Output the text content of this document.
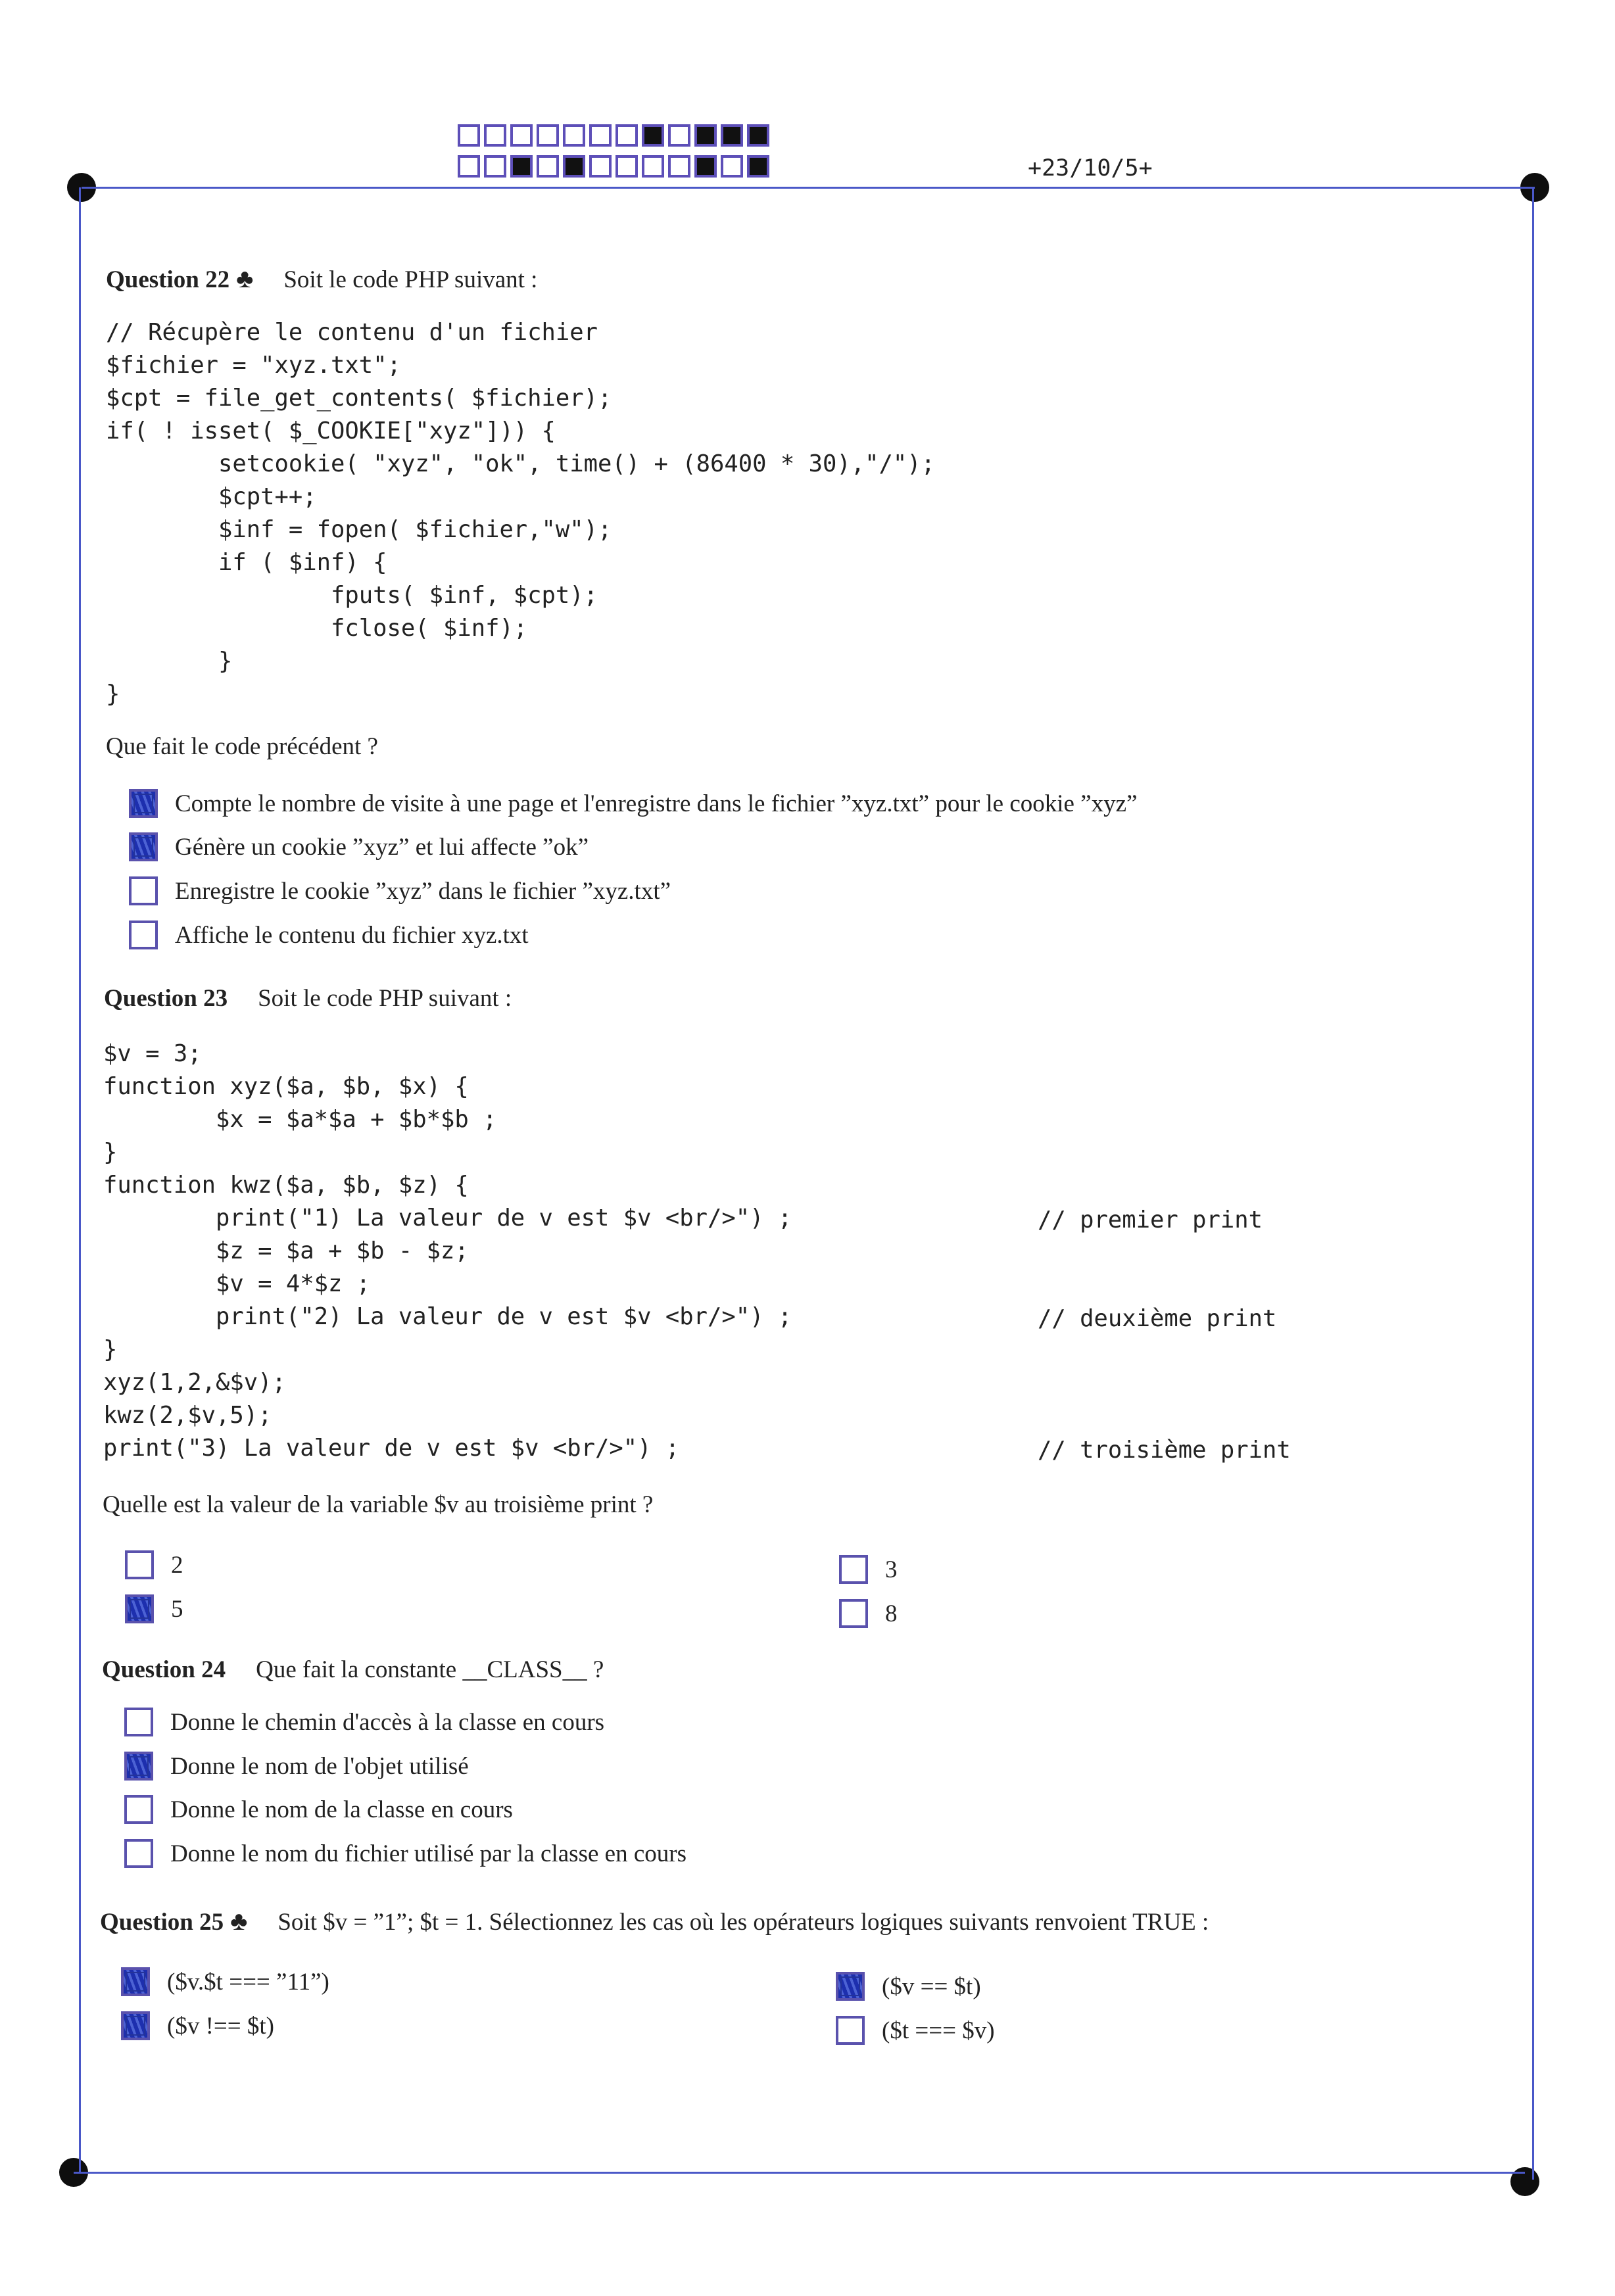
+23/10/5+
Question 22 ♣ Soit le code PHP suivant :
// Récupère le contenu d'un fichier
$fichier = "xyz.txt";
$cpt = file_get_contents( $fichier);
if( ! isset( $_COOKIE["xyz"])) {
setcookie( "xyz", "ok", time() + (86400 * 30),"/");
$cpt++;
$inf = fopen( $fichier,"w");
if ( $inf) {
fputs( $inf, $cpt);
fclose( $inf);
}
}
Que fait le code précédent ?
Compte le nombre de visite à une page et l'enregistre dans le fichier ”xyz.txt” pour le cookie ”xyz”
Génère un cookie ”xyz” et lui affecte ”ok”
Enregistre le cookie ”xyz” dans le fichier ”xyz.txt”
Affiche le contenu du fichier xyz.txt
Question 23 Soit le code PHP suivant :
$v = 3;
function xyz($a, $b, $x) {
$x = $a*$a + $b*$b ;
}
function kwz($a, $b, $z) {
print("1) La valeur de v est $v <br/>") ;
$z = $a + $b - $z;
$v = 4*$z ;
print("2) La valeur de v est $v <br/>") ;
}
xyz(1,2,&$v);
kwz(2,$v,5);
print("3) La valeur de v est $v <br/>") ;
// premier print
// deuxième print
// troisième print
Quelle est la valeur de la variable $v au troisième print ?
2	3
5	8
Question 24 Que fait la constante __CLASS__ ?
Donne le chemin d'accès à la classe en cours
Donne le nom de l'objet utilisé
Donne le nom de la classe en cours
Donne le nom du fichier utilisé par la classe en cours
Question 25 ♣ Soit $v = ”1”; $t = 1. Sélectionnez les cas où les opérateurs logiques suivants renvoient TRUE :
($v.$t === ”11”)	($v == $t)
($v !== $t)	($t === $v)
